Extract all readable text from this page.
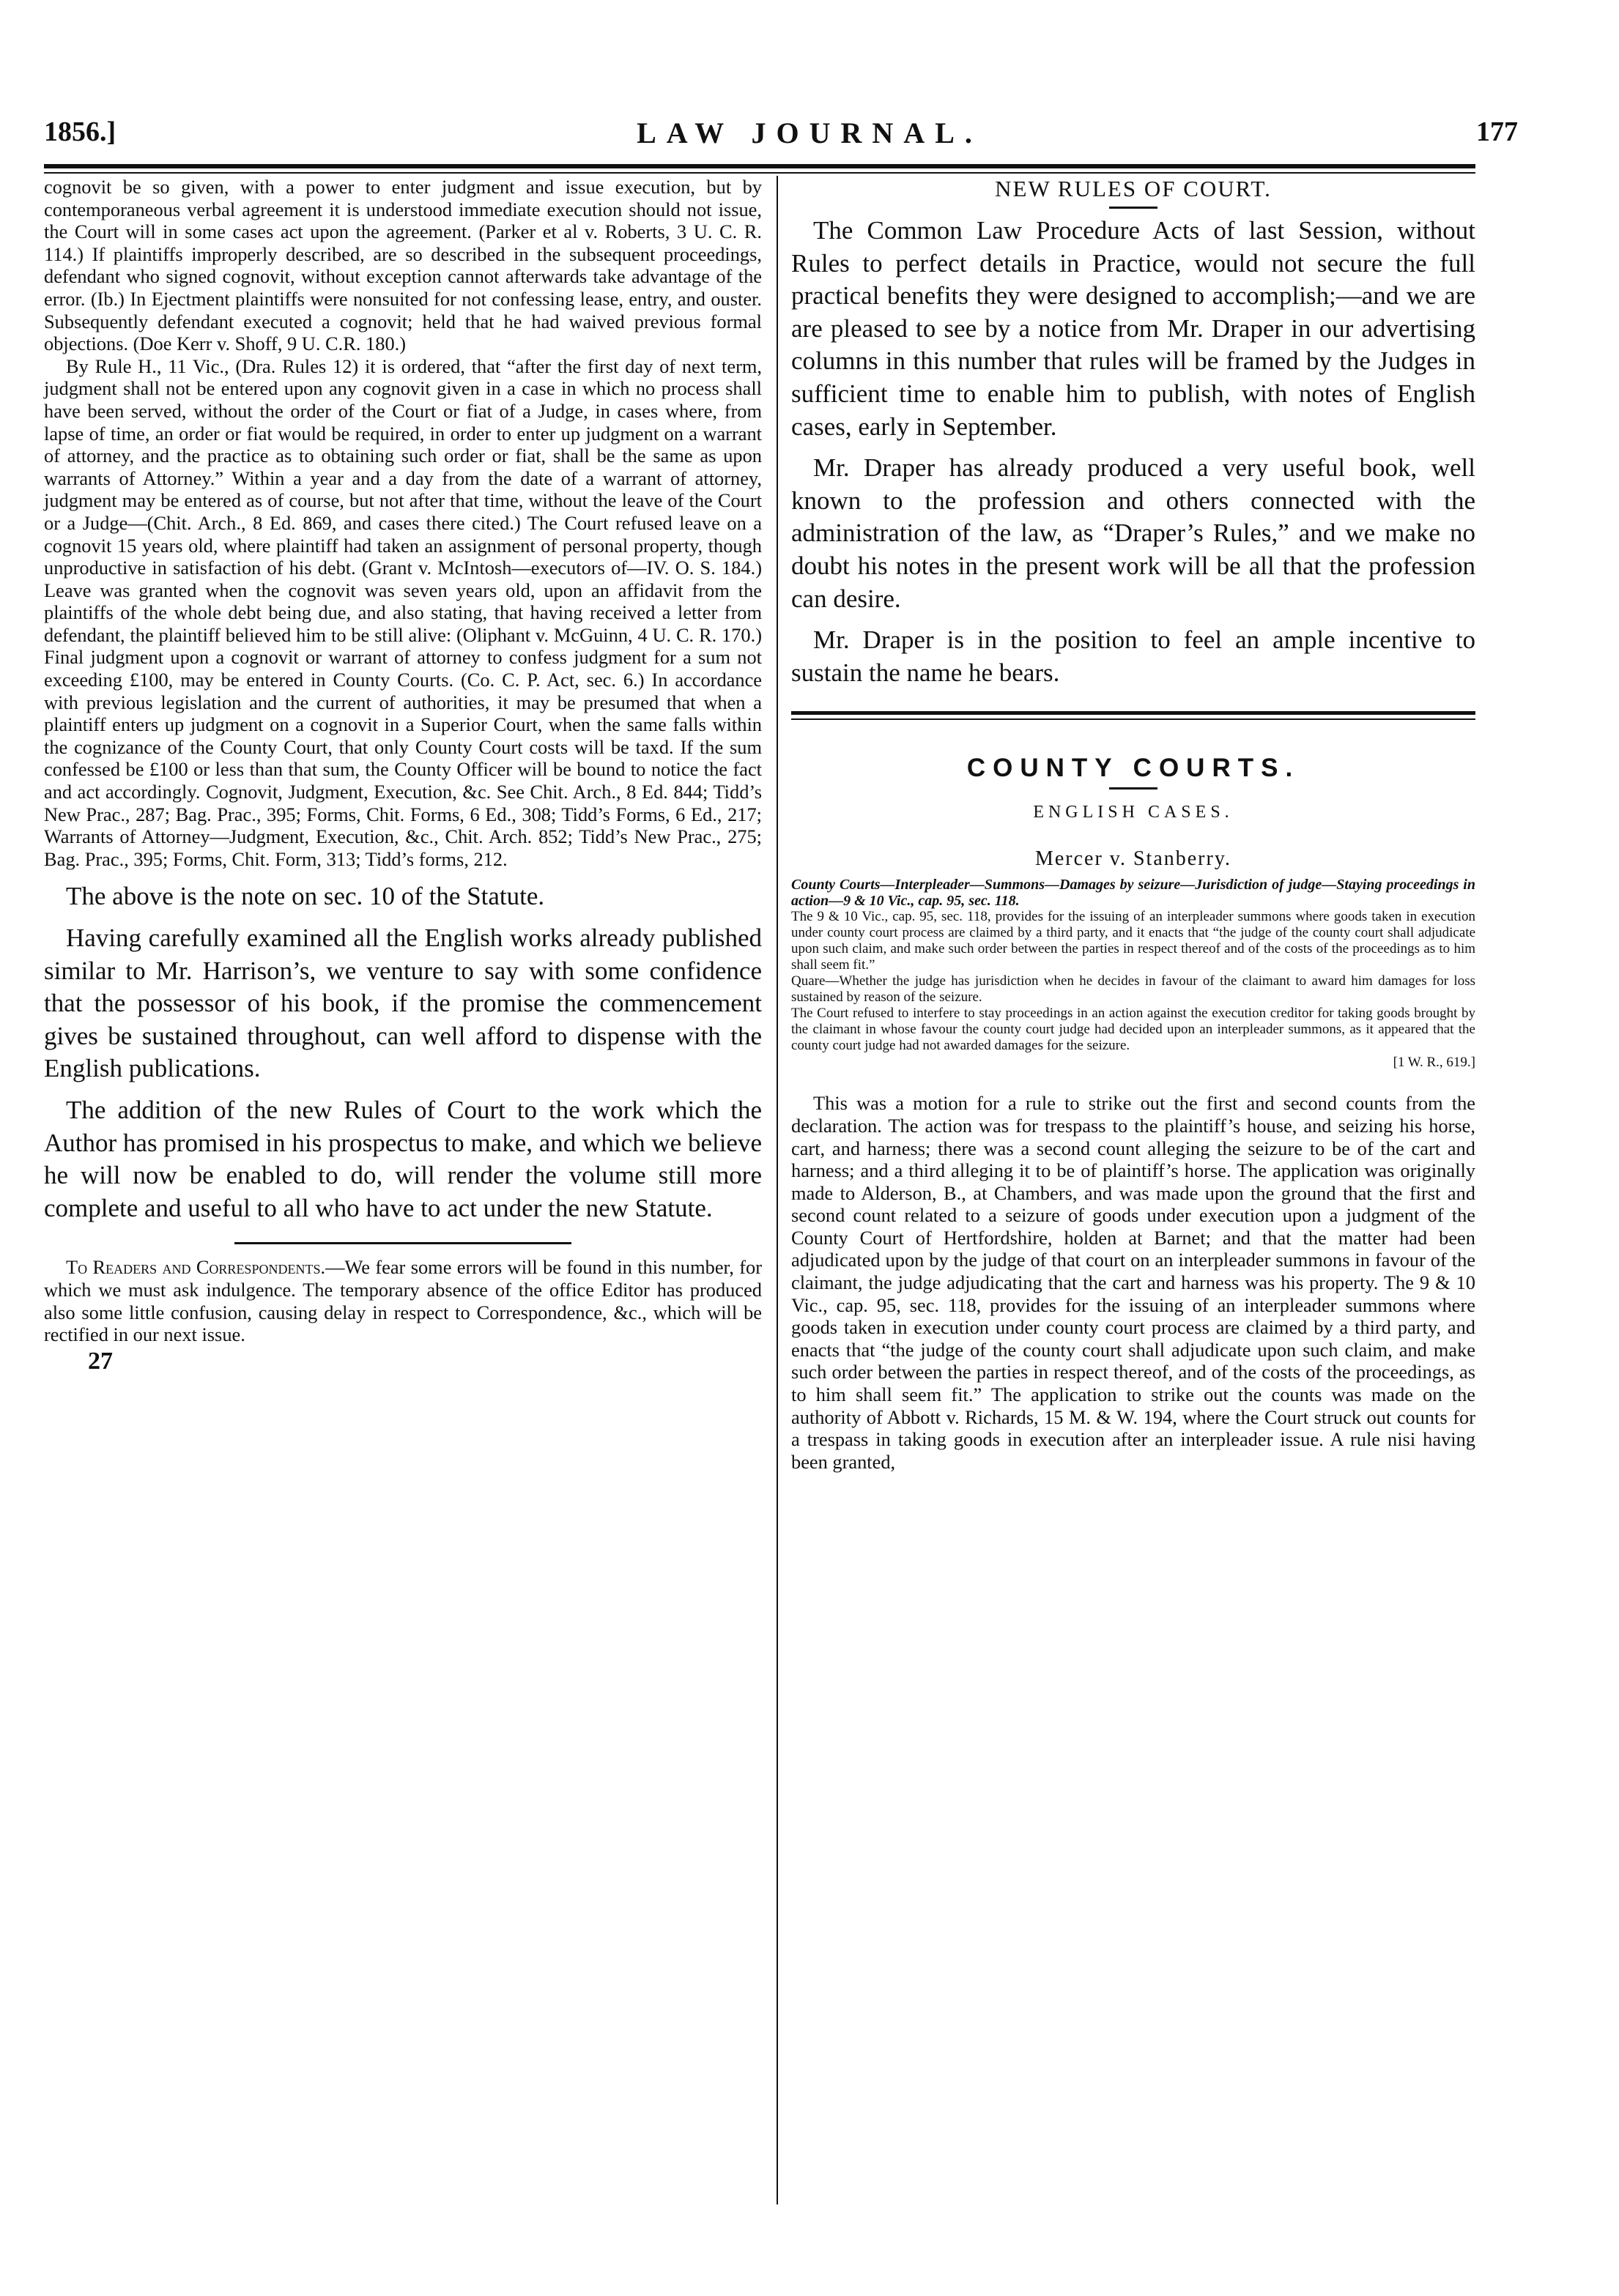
1856.]	LAW JOURNAL.	177

cognovit be so given, with a power to enter judgment and issue execution, but by contemporaneous verbal agreement it is understood immediate execution should not issue, the Court will in some cases act upon the agreement. (Parker et al v. Roberts, 3 U. C. R. 114.) If plaintiffs improperly described, are so described in the subsequent proceedings, defendant who signed cognovit, without exception cannot afterwards take advantage of the error. (Ib.) In Ejectment plaintiffs were nonsuited for not confessing lease, entry, and ouster. Subsequently defendant executed a cognovit; held that he had waived previous formal objections. (Doe Kerr v. Shoff, 9 U. C.R. 180.)

By Rule H., 11 Vic., (Dra. Rules 12) it is ordered, that “after the first day of next term, judgment shall not be entered upon any cognovit given in a case in which no process shall have been served, without the order of the Court or fiat of a Judge, in cases where, from lapse of time, an order or fiat would be required, in order to enter up judgment on a warrant of attorney, and the practice as to obtaining such order or fiat, shall be the same as upon warrants of Attorney.” Within a year and a day from the date of a warrant of attorney, judgment may be entered as of course, but not after that time, without the leave of the Court or a Judge—(Chit. Arch., 8 Ed. 869, and cases there cited.) The Court refused leave on a cognovit 15 years old, where plaintiff had taken an assignment of personal property, though unproductive in satisfaction of his debt. (Grant v. McIntosh—executors of—IV. O. S. 184.) Leave was granted when the cognovit was seven years old, upon an affidavit from the plaintiffs of the whole debt being due, and also stating, that having received a letter from defendant, the plaintiff believed him to be still alive: (Oliphant v. McGuinn, 4 U. C. R. 170.) Final judgment upon a cognovit or warrant of attorney to confess judgment for a sum not exceeding £100, may be entered in County Courts. (Co. C. P. Act, sec. 6.) In accordance with previous legislation and the current of authorities, it may be presumed that when a plaintiff enters up judgment on a cognovit in a Superior Court, when the same falls within the cognizance of the County Court, that only County Court costs will be taxd. If the sum confessed be £100 or less than that sum, the County Officer will be bound to notice the fact and act accordingly. Cognovit, Judgment, Execution, &c. See Chit. Arch., 8 Ed. 844; Tidd’s New Prac., 287; Bag. Prac., 395; Forms, Chit. Forms, 6 Ed., 308; Tidd’s Forms, 6 Ed., 217; Warrants of Attorney—Judgment, Execution, &c., Chit. Arch. 852; Tidd’s New Prac., 275; Bag. Prac., 395; Forms, Chit. Form, 313; Tidd’s forms, 212.

The above is the note on sec. 10 of the Statute.

Having carefully examined all the English works already published similar to Mr. Harrison’s, we venture to say with some confidence that the possessor of his book, if the promise the commencement gives be sustained throughout, can well afford to dispense with the English publications.

The addition of the new Rules of Court to the work which the Author has promised in his prospectus to make, and which we believe he will now be enabled to do, will render the volume still more complete and useful to all who have to act under the new Statute.

To Readers and Correspondents.—We fear some errors will be found in this number, for which we must ask indulgence. The temporary absence of the office Editor has produced also some little confusion, causing delay in respect to Correspondence, &c., which will be rectified in our next issue.

27
NEW RULES OF COURT.

The Common Law Procedure Acts of last Session, without Rules to perfect details in Practice, would not secure the full practical benefits they were designed to accomplish;—and we are are pleased to see by a notice from Mr. Draper in our advertising columns in this number that rules will be framed by the Judges in sufficient time to enable him to publish, with notes of English cases, early in September.

Mr. Draper has already produced a very useful book, well known to the profession and others connected with the administration of the law, as “Draper’s Rules,” and we make no doubt his notes in the present work will be all that the profession can desire.

Mr. Draper is in the position to feel an ample incentive to sustain the name he bears.

COUNTY COURTS.
ENGLISH CASES.
Mercer v. Stanberry.

County Courts—Interpleader—Summons—Damages by seizure—Jurisdiction of judge—Staying proceedings in action—9 & 10 Vic., cap. 95, sec. 118.

The 9 & 10 Vic., cap. 95, sec. 118, provides for the issuing of an interpleader summons where goods taken in execution under county court process are claimed by a third party, and it enacts that “the judge of the county court shall adjudicate upon such claim, and make such order between the parties in respect thereof and of the costs of the proceedings as to him shall seem fit.”

Quare—Whether the judge has jurisdiction when he decides in favour of the claimant to award him damages for loss sustained by reason of the seizure.

The Court refused to interfere to stay proceedings in an action against the execution creditor for taking goods brought by the claimant in whose favour the county court judge had decided upon an interpleader summons, as it appeared that the county court judge had not awarded damages for the seizure.

[1 W. R., 619.]

This was a motion for a rule to strike out the first and second counts from the declaration. The action was for trespass to the plaintiff’s house, and seizing his horse, cart, and harness; there was a second count alleging the seizure to be of the cart and harness; and a third alleging it to be of plaintiff’s horse. The application was originally made to Alderson, B., at Chambers, and was made upon the ground that the first and second count related to a seizure of goods under execution upon a judgment of the County Court of Hertfordshire, holden at Barnet; and that the matter had been adjudicated upon by the judge of that court on an interpleader summons in favour of the claimant, the judge adjudicating that the cart and harness was his property. The 9 & 10 Vic., cap. 95, sec. 118, provides for the issuing of an interpleader summons where goods taken in execution under county court process are claimed by a third party, and enacts that “the judge of the county court shall adjudicate upon such claim, and make such order between the parties in respect thereof, and of the costs of the proceedings, as to him shall seem fit.” The application to strike out the counts was made on the authority of Abbott v. Richards, 15 M. & W. 194, where the Court struck out counts for a trespass in taking goods in execution after an interpleader issue. A rule nisi having been granted,
